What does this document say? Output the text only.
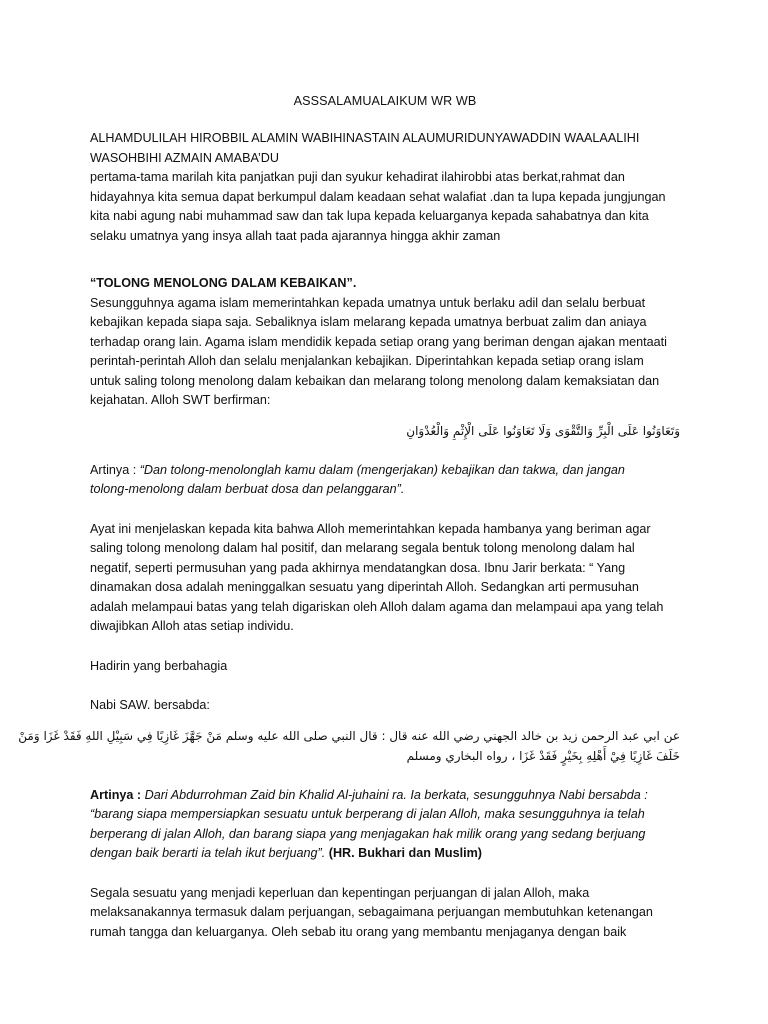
ASSSALAMUALAIKUM WR WB
ALHAMDULILAH HIROBBIL ALAMIN WABIHINASTAIN ALAUMURIDUNYAWADDIN WAALAALIHI
WASOHBIHI AZMAIN AMABA’DU
pertama-tama marilah kita panjatkan puji dan syukur kehadirat ilahirobbi atas berkat,rahmat dan
hidayahnya kita semua dapat berkumpul dalam keadaan sehat walafiat .dan ta lupa kepada jungjungan
kita nabi agung nabi muhammad saw dan tak lupa kepada keluarganya kepada sahabatnya dan kita
selaku umatnya yang insya allah taat pada ajarannya hingga akhir zaman
“TOLONG MENOLONG DALAM KEBAIKAN”.
Sesungguhnya agama islam memerintahkan kepada umatnya untuk berlaku adil dan selalu berbuat
kebajikan kepada siapa saja. Sebaliknya islam melarang kepada umatnya berbuat zalim dan aniaya
terhadap orang lain. Agama islam mendidik kepada setiap orang yang beriman dengan ajakan mentaati
perintah-perintah Alloh dan selalu menjalankan kebajikan. Diperintahkan kepada setiap orang islam
untuk saling tolong menolong dalam kebaikan dan melarang tolong menolong dalam kemaksiatan dan
kejahatan. Alloh SWT berfirman:
وَتَعَاوَنُوا عَلَى الْبِرِّ وَالتَّقْوَى وَلَا تَعَاوَنُوا عَلَى الْإِثْمِ وَالْعُدْوَانِ
Artinya : “Dan tolong-menolonglah kamu dalam (mengerjakan) kebajikan dan takwa, dan jangan
tolong-menolong dalam berbuat dosa dan pelanggaran”.
Ayat ini menjelaskan kepada kita bahwa Alloh memerintahkan kepada hambanya yang beriman agar
saling tolong menolong dalam hal positif, dan melarang segala bentuk tolong menolong dalam hal
negatif, seperti permusuhan yang pada akhirnya mendatangkan dosa. Ibnu Jarir berkata: “ Yang
dinamakan dosa adalah meninggalkan sesuatu yang diperintah Alloh. Sedangkan arti permusuhan
adalah melampaui batas yang telah digariskan oleh Alloh dalam agama dan melampaui apa yang telah
diwajibkan Alloh atas setiap individu.
Hadirin yang berbahagia
Nabi SAW. bersabda:
عن ابي عبد الرحمن زيد بن خالد الجهني رضي الله عنه قال : قال النبي صلى الله عليه وسلم مَنْ جَهَّزَ غَازِيًا فِي سَبِيْلِ اللهِ فَقَدْ غَزَا وَمَنْ
خَلَفَ غَازِيًا فِيْ أَهْلِهِ بِخَيْرٍ فَقَدْ غَزَا ، رواه البخاري ومسلم
Artinya : Dari Abdurrohman Zaid bin Khalid Al-juhaini ra. Ia berkata, sesungguhnya Nabi bersabda :
“barang siapa mempersiapkan sesuatu untuk berperang di jalan Alloh, maka sesungguhnya ia telah
berperang di jalan Alloh, dan barang siapa yang menjagakan hak milik orang yang sedang berjuang
dengan baik berarti ia telah ikut berjuang”. (HR. Bukhari dan Muslim)
Segala sesuatu yang menjadi keperluan dan kepentingan perjuangan di jalan Alloh, maka
melaksanakannya termasuk dalam perjuangan, sebagaimana perjuangan membutuhkan ketenangan
rumah tangga dan keluarganya. Oleh sebab itu orang yang membantu menjaganya dengan baik
